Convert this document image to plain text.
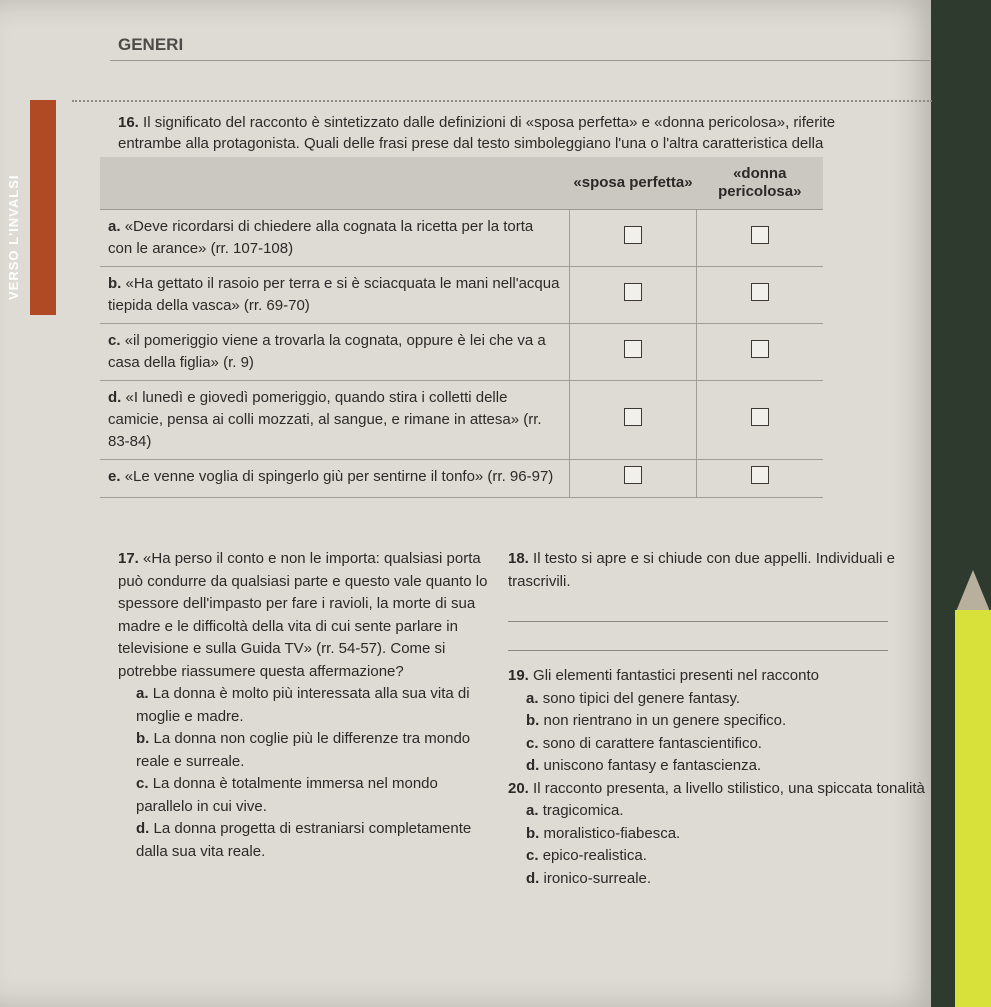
VERSO L'INVALSI
GENERI
16. Il significato del racconto è sintetizzato dalle definizioni di «sposa perfetta» e «donna pericolosa», riferite entrambe alla protagonista. Quali delle frasi prese dal testo simboleggiano l'una o l'altra caratteristica della
	«sposa perfetta»	«donna pericolosa»
a. «Deve ricordarsi di chiedere alla cognata la ricetta per la torta con le arance» (rr. 107-108)		
b. «Ha gettato il rasoio per terra e si è sciacquata le mani nell'acqua tiepida della vasca» (rr. 69-70)		
c. «il pomeriggio viene a trovarla la cognata, oppure è lei che va a casa della figlia» (r. 9)		
d. «I lunedì e giovedì pomeriggio, quando stira i colletti delle camicie, pensa ai colli mozzati, al sangue, e rimane in attesa» (rr. 83-84)		
e. «Le venne voglia di spingerlo giù per sentirne il tonfo» (rr. 96-97)		
17. «Ha perso il conto e non le importa: qualsiasi porta può condurre da qualsiasi parte e questo vale quanto lo spessore dell'impasto per fare i ravioli, la morte di sua madre e le difficoltà della vita di cui sente parlare in televisione e sulla Guida TV» (rr. 54-57). Come si potrebbe riassumere questa affermazione?
a. La donna è molto più interessata alla sua vita di moglie e madre.
b. La donna non coglie più le differenze tra mondo reale e surreale.
c. La donna è totalmente immersa nel mondo parallelo in cui vive.
d. La donna progetta di estraniarsi completamente dalla sua vita reale.
18. Il testo si apre e si chiude con due appelli. Individuali e trascrivili.
19. Gli elementi fantastici presenti nel racconto
a. sono tipici del genere fantasy.
b. non rientrano in un genere specifico.
c. sono di carattere fantascientifico.
d. uniscono fantasy e fantascienza.
20. Il racconto presenta, a livello stilistico, una spiccata tonalità
a. tragicomica.
b. moralistico-fiabesca.
c. epico-realistica.
d. ironico-surreale.
